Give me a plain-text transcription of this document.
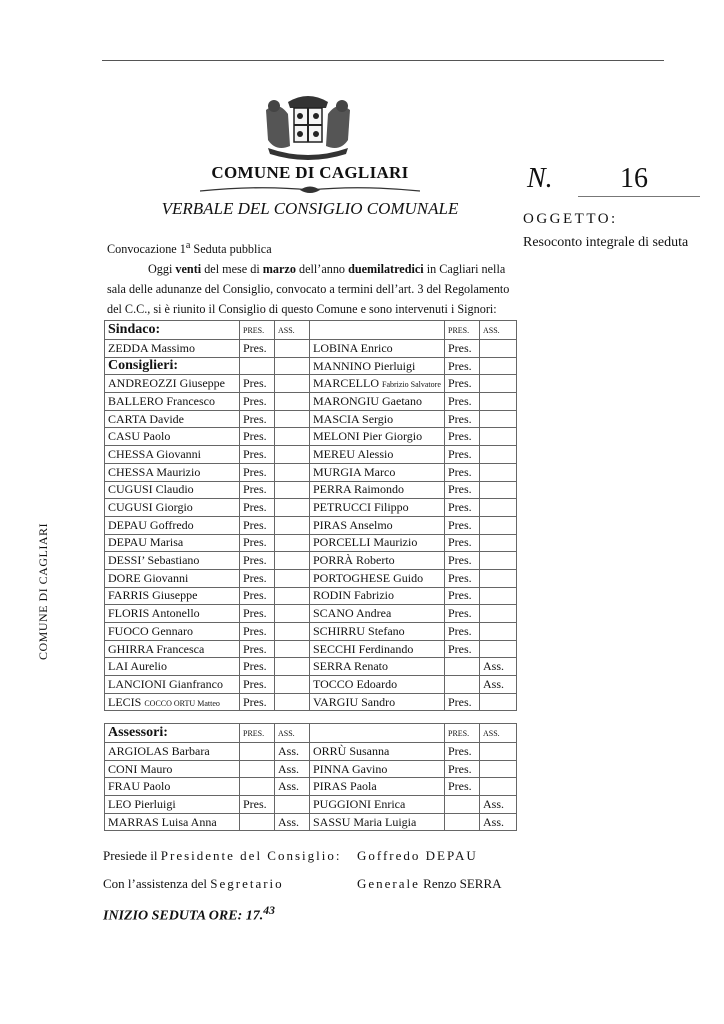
COMUNE DI CAGLIARI
VERBALE DEL CONSIGLIO COMUNALE
N. 16
OGGETTO:
Resoconto integrale di seduta
COMUNE DI CAGLIARI
Convocazione 1$^a$ Seduta pubblica
Oggi venti del mese di marzo dell’anno duemilatredici in Cagliari nella
sala delle adunanze del Consiglio, convocato a termini dell’art. 3 del Regolamento
del C.C., si è riunito il Consiglio di questo Comune e sono intervenuti i Signori:
Sindaco:	PRES.	ASS.		PRES.	ASS.
ZEDDA Massimo	Pres.		LOBINA Enrico	Pres.	
Consiglieri:			MANNINO Pierluigi	Pres.	
ANDREOZZI Giuseppe	Pres.		MARCELLO Fabrizio Salvatore	Pres.	
BALLERO Francesco	Pres.		MARONGIU Gaetano	Pres.	
CARTA Davide	Pres.		MASCIA Sergio	Pres.	
CASU Paolo	Pres.		MELONI Pier Giorgio	Pres.	
CHESSA Giovanni	Pres.		MEREU Alessio	Pres.	
CHESSA Maurizio	Pres.		MURGIA Marco	Pres.	
CUGUSI Claudio	Pres.		PERRA Raimondo	Pres.	
CUGUSI Giorgio	Pres.		PETRUCCI Filippo	Pres.	
DEPAU Goffredo	Pres.		PIRAS Anselmo	Pres.	
DEPAU Marisa	Pres.		PORCELLI Maurizio	Pres.	
DESSI’ Sebastiano	Pres.		PORRÀ Roberto	Pres.	
DORE Giovanni	Pres.		PORTOGHESE Guido	Pres.	
FARRIS Giuseppe	Pres.		RODIN Fabrizio	Pres.	
FLORIS Antonello	Pres.		SCANO Andrea	Pres.	
FUOCO Gennaro	Pres.		SCHIRRU Stefano	Pres.	
GHIRRA Francesca	Pres.		SECCHI Ferdinando	Pres.	
LAI Aurelio	Pres.		SERRA Renato		Ass.
LANCIONI Gianfranco	Pres.		TOCCO Edoardo		Ass.
LECIS COCCO ORTU Matteo	Pres.		VARGIU Sandro	Pres.	
Assessori:	PRES.	ASS.		PRES.	ASS.
ARGIOLAS Barbara		Ass.	ORRÙ Susanna	Pres.	
CONI Mauro		Ass.	PINNA Gavino	Pres.	
FRAU Paolo		Ass.	PIRAS Paola	Pres.	
LEO Pierluigi	Pres.		PUGGIONI Enrica		Ass.
MARRAS Luisa Anna		Ass.	SASSU Maria Luigia		Ass.
Presiede il Presidente del Consiglio: Goffredo DEPAU
Con l’assistenza del Segretario	Generale Renzo SERRA
INIZIO SEDUTA ORE: 17.43
